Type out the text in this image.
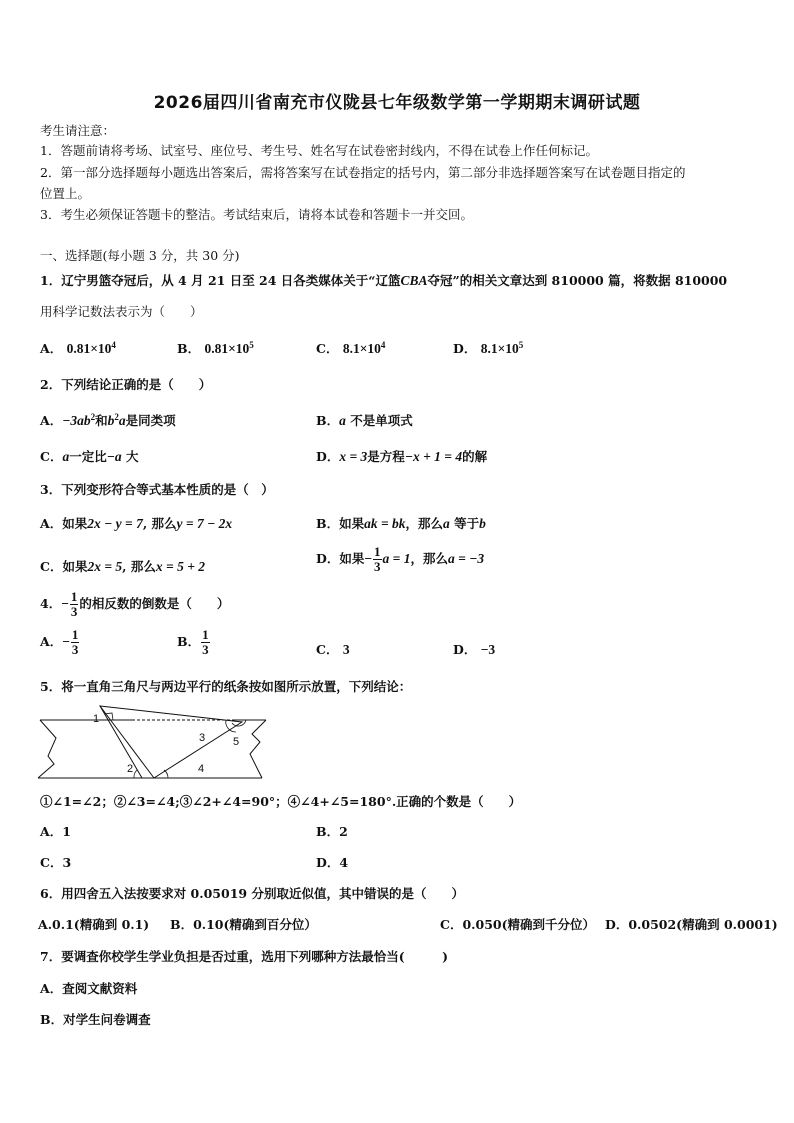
2026届四川省南充市仪陇县七年级数学第一学期期末调研试题
考生请注意：
1．答题前请将考场、试室号、座位号、考生号、姓名写在试卷密封线内，不得在试卷上作任何标记。
2．第一部分选择题每小题选出答案后，需将答案写在试卷指定的括号内，第二部分非选择题答案写在试卷题目指定的
位置上。
3．考生必须保证答题卡的整洁。考试结束后，请将本试卷和答题卡一并交回。
一、选择题(每小题 3 分，共 30 分)
1．辽宁男篮夺冠后，从 4 月 21 日至 24 日各类媒体关于“辽篮CBA夺冠”的相关文章达到 810000 篇，将数据 810000
用科学记数法表示为（　　）
A． $0.81\times 10^4$	B． $0.81\times 10^5$	C． $8.1\times 10^4$	D． $8.1\times 10^5$
2．下列结论正确的是（　　）
A．$-3ab^2$和$b^2a$是同类项	B．a 不是单项式
C．a一定比−a 大	D．x = 3是方程−x + 1 = 4的解
3．下列变形符合等式基本性质的是（　）
A．如果2x − y = 7, 那么y = 7 − 2x	B．如果ak = bk，那么a 等于b
C．如果2x = 5, 那么x = 5 + 2
D．如果− $\frac{1}{3}$ a = 1，那么a = −3
4．− $\frac{1}{3}$ 的相反数的倒数是（　　）
A．− $\frac{1}{3}$	B． $\frac{1}{3}$	C． 3	D． −3
5．将一直角三角尺与两边平行的纸条按如图所示放置，下列结论：
1
2
3
4
5
①∠1=∠2；②∠3=∠4;③∠2+∠4=90°；④∠4+∠5=180°.正确的个数是（　　）
A．1	B．2
C．3	D．4
6．用四舍五入法按要求对 0.05019 分别取近似值，其中错误的是（　　）
A.0.1(精确到 0.1) B．0.10(精确到百分位）	C．0.050(精确到千分位） D．0.0502(精确到 0.0001)
7．要调查你校学生学业负担是否过重，选用下列哪种方法最恰当(　　　)
A．查阅文献资料
B．对学生问卷调查
